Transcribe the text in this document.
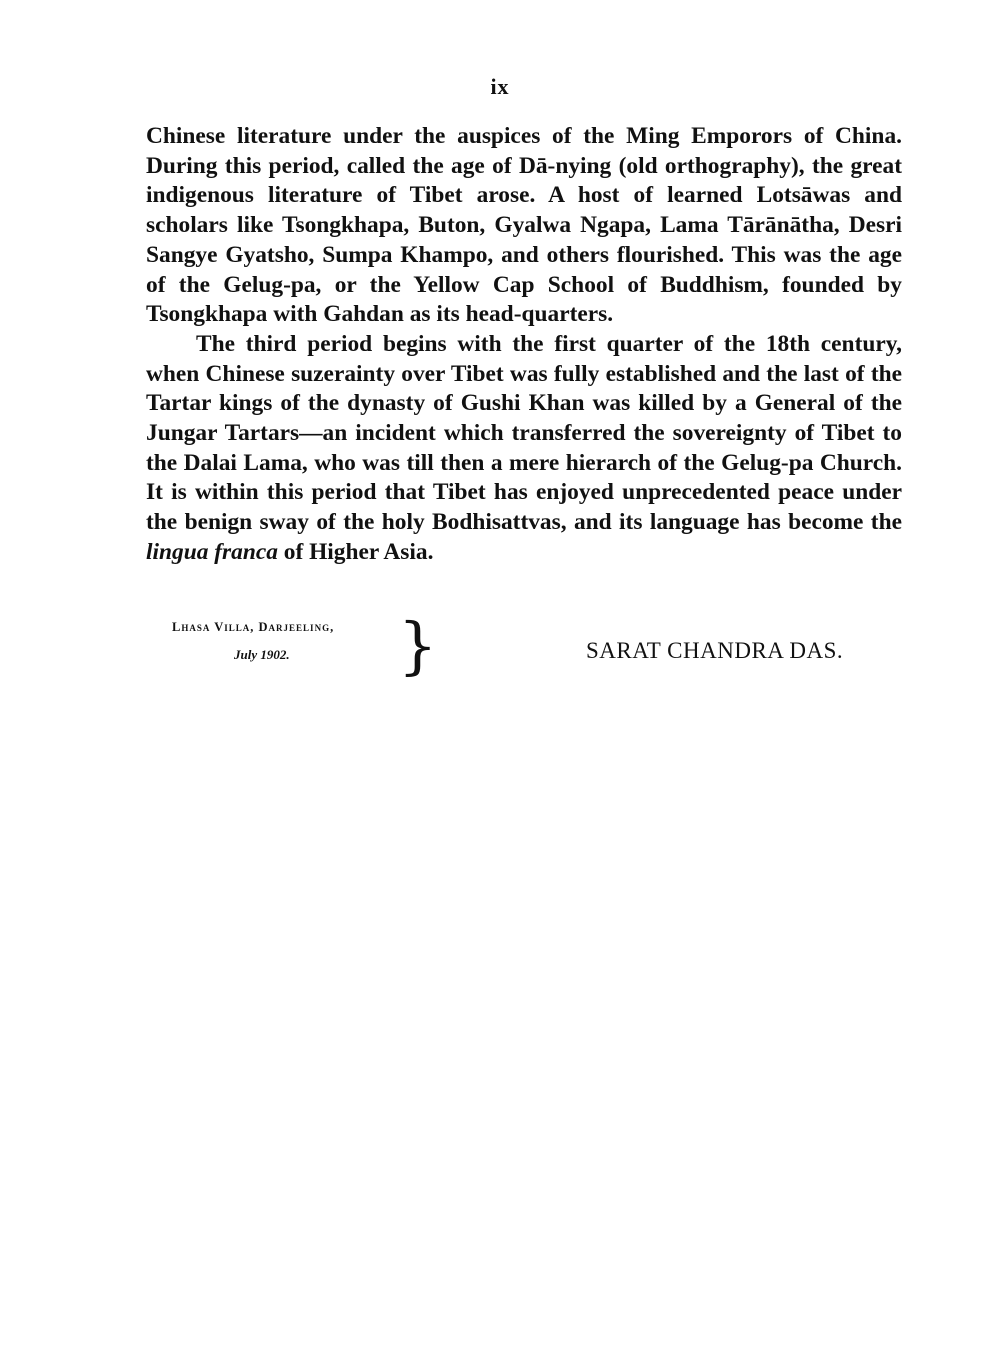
ix

Chinese literature under the auspices of the Ming Emporors of China. During this period, called the age of Dā-nying (old orthography), the great indigenous literature of Tibet arose. A host of learned Lotsāwas and scholars like Tsongkhapa, Buton, Gyalwa Ngapa, Lama Tārānātha, Desri Sangye Gyatsho, Sumpa Khampo, and others flourished. This was the age of the Gelug-pa, or the Yellow Cap School of Buddhism, founded by Tsongkhapa with Gahdan as its head-quarters.

The third period begins with the first quarter of the 18th century, when Chinese suzerainty over Tibet was fully established and the last of the Tartar kings of the dynasty of Gushi Khan was killed by a General of the Jungar Tartars—an incident which transferred the sovereignty of Tibet to the Dalai Lama, who was till then a mere hierarch of the Gelug-pa Church. It is within this period that Tibet has enjoyed unprecedented peace under the benign sway of the holy Bodhisattvas, and its language has become the lingua franca of Higher Asia.

Lhasa Villa, Darjeeling,
July 1902.	}	SARAT CHANDRA DAS.
